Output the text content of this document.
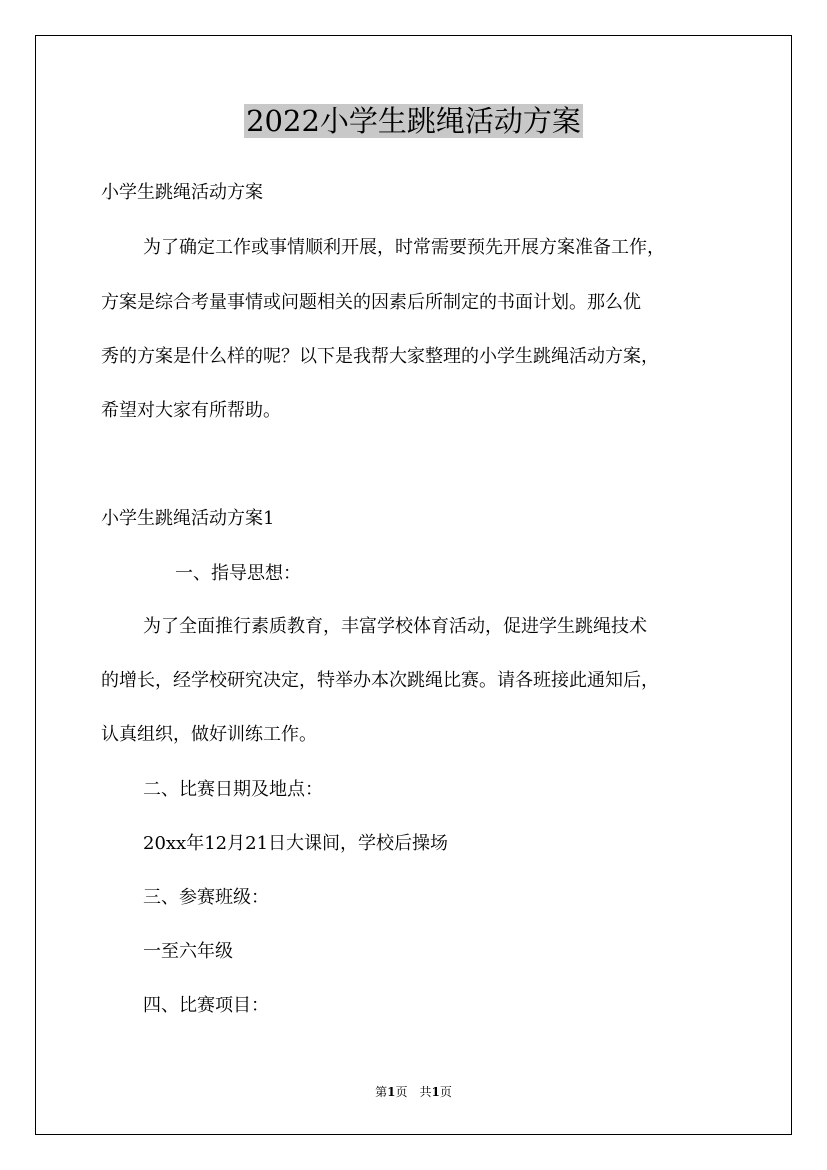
2022小学生跳绳活动方案
小学生跳绳活动方案
为了确定工作或事情顺利开展，时常需要预先开展方案准备工作，
方案是综合考量事情或问题相关的因素后所制定的书面计划。那么优
秀的方案是什么样的呢？以下是我帮大家整理的小学生跳绳活动方案，
希望对大家有所帮助。
小学生跳绳活动方案1
一、指导思想：
为了全面推行素质教育，丰富学校体育活动，促进学生跳绳技术
的增长，经学校研究决定，特举办本次跳绳比赛。请各班接此通知后，
认真组织，做好训练工作。
二、比赛日期及地点：
20xx年12月21日大课间，学校后操场
三、参赛班级：
一至六年级
四、比赛项目：
第1页　共1页
